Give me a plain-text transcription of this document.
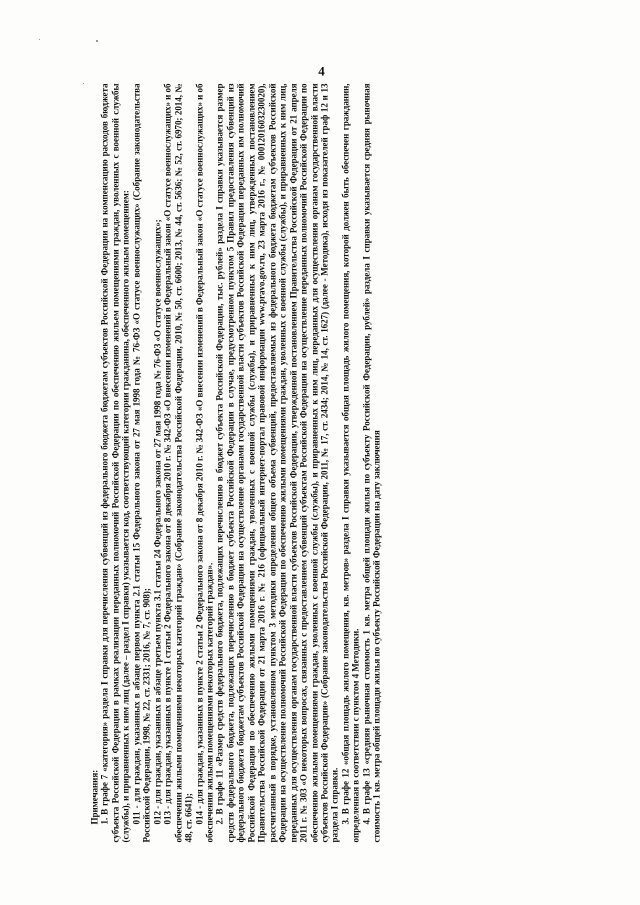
4

Примечания: 1. В графе 7 «категория» раздела I справки для перечисления субвенций из федерального бюджета бюджетам субъектов Российской Федерации на компенсацию расходов бюджета субъекта Российской Федерации в рамках реализации переданных полномочий Российской Федерации по обеспечению жильем помещениями граждан, уволенных с военной службы (службы), и приравненных к ним лиц (далее – раздел I справки) указывается код, соответствующий категории гражданина, обеспеченного жилым помещением: 011 - для граждан, указанных в абзаце первом пункта 2.1 статьи 15 Федерального закона от 27 мая 1998 года № 76-ФЗ «О статусе военнослужащих» (Собрание законодательства Российской Федерации, 1998, № 22, ст. 2331; 2016, № 7, ст. 908); 012 - для граждан, указанных в абзаце третьем пункта 3.1 статьи 24 Федерального закона от 27 мая 1998 года № 76-ФЗ «О статусе военнослужащих»; 013 - для граждан, указанных в пункте 1 статьи 2 Федерального закона от 8 декабря 2010 г. № 342-ФЗ «О внесении изменений в Федеральный закон «О статусе военнослужащих» и об обеспечении жилыми помещениями некоторых категорий граждан» (Собрание законодательства Российской Федерации, 2010, № 50, ст. 6600; 2013, № 44, ст. 5636; № 52, ст. 6970; 2014, № 48, ст. 6641); 014 - для граждан, указанных в пункте 2 статьи 2 Федерального закона от 8 декабря 2010 г. № 342-ФЗ «О внесении изменений в Федеральный закон «О статусе военнослужащих» и об обеспечении жилыми помещениями некоторых категорий граждан». 2. В графе 11 «Размер средств федерального бюджета, подлежащих перечислению в бюджет субъекта Российской Федерации, тыс. рублей» раздела I справки указывается размер средств федерального бюджета, подлежащих перечислению в бюджет субъекта Российской Федерации в случае, предусмотренном пунктом 5 Правил предоставления субвенций из федерального бюджета бюджетам субъектов Российской Федерации на осуществление органами государственной власти субъектов Российской Федерации переданных им полномочий Российской Федерации по обеспечению жилыми помещениями граждан, уволенных с военной службы (службы), и приравненных к ним лиц, утвержденных постановлением Правительства Российской Федерации от 21 марта 2016 г. № 216 (официальный интернет-портал правовой информации www.pravo.gov.ru, 23 марта 2016 г., № 0001201603230020), рассчитанный в порядке, установленном пунктом 3 методики определения общего объема субвенций, предоставляемых из федерального бюджета бюджетам субъектов Российской Федерации на осуществление полномочий Российской Федерации по обеспечению жилыми помещениями граждан, уволенных с военной службы (службы), и приравненных к ним лиц, переданных для осуществления органам государственной власти субъектов Российской Федерации, утвержденной постановлением Правительства Российской Федерации от 21 апреля 2011 г. № 303 «О некоторых вопросах, связанных с предоставлением субвенций субъектам Российской Федерации на осуществление переданных полномочий Российской Федерации по обеспечению жилыми помещениями граждан, уволенных с военной службы (службы), и приравненных к ним лиц, переданных для осуществления органам государственной власти субъектов Российской Федерации» (Собрание законодательства Российской Федерации, 2011, № 17, ст. 2434; 2014, № 14, ст. 1627) (далее - Методика), исходя из показателей граф 12 и 13 раздела I справки. 3. В графе 12 «общая площадь жилого помещения, кв. метров» раздела I справки указывается общая площадь жилого помещения, которой должен быть обеспечен гражданин, определенная в соответствии с пунктом 4 Методики. 4. В графе 13 «средняя рыночная стоимость 1 кв. метра общей площади жилья по субъекту Российской Федерации, рублей» раздела I справки указывается средняя рыночная стоимость 1 кв. метра общей площади жилья по субъекту Российской Федерации на дату заключения
